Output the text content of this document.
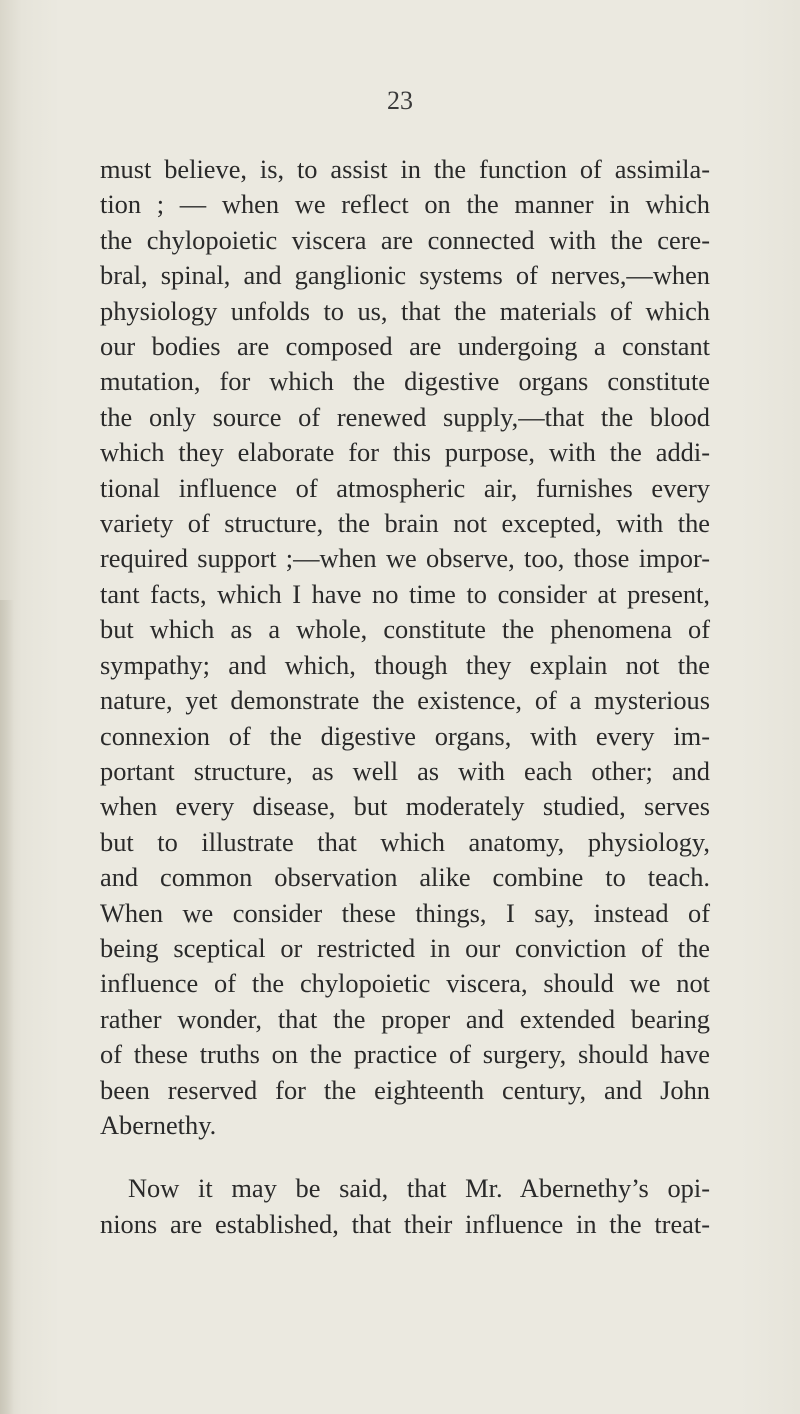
23
must believe, is, to assist in the function of assimila-
tion ; — when we reflect on the manner in which
the chylopoietic viscera are connected with the cere-
bral, spinal, and ganglionic systems of nerves,—when
physiology unfolds to us, that the materials of which
our bodies are composed are undergoing a constant
mutation, for which the digestive organs constitute
the only source of renewed supply,—that the blood
which they elaborate for this purpose, with the addi-
tional influence of atmospheric air, furnishes every
variety of structure, the brain not excepted, with the
required support ;—when we observe, too, those impor-
tant facts, which I have no time to consider at present,
but which as a whole, constitute the phenomena of
sympathy; and which, though they explain not the
nature, yet demonstrate the existence, of a mysterious
connexion of the digestive organs, with every im-
portant structure, as well as with each other; and
when every disease, but moderately studied, serves
but to illustrate that which anatomy, physiology,
and common observation alike combine to teach.
When we consider these things, I say, instead of
being sceptical or restricted in our conviction of the
influence of the chylopoietic viscera, should we not
rather wonder, that the proper and extended bearing
of these truths on the practice of surgery, should have
been reserved for the eighteenth century, and John
Abernethy.
Now it may be said, that Mr. Abernethy’s opi-
nions are established, that their influence in the treat-
